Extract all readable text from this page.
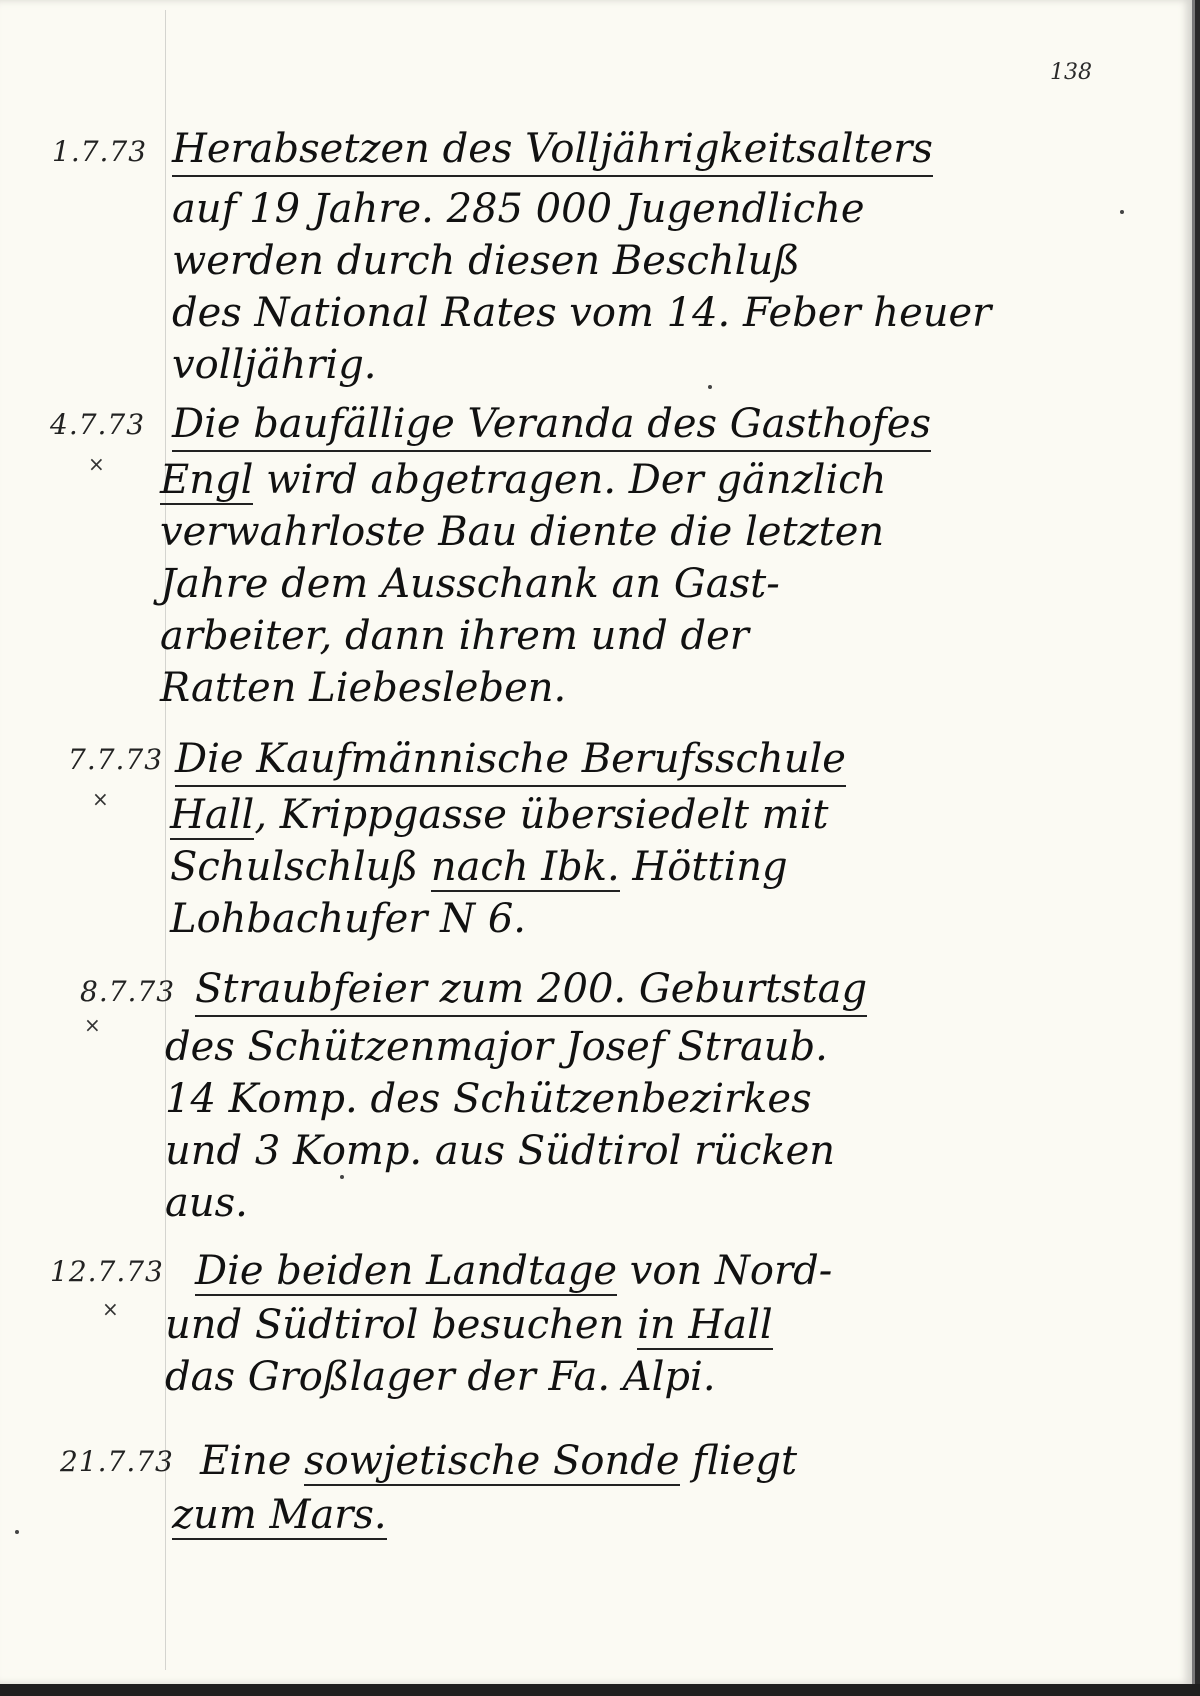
138
1.7.73 Herabsetzen des Volljährigkeitsalters
auf 19 Jahre. 285 000 Jugendliche
werden durch diesen Beschluß
des National Rates vom 14. Feber heuer
volljährig.
4.7.73
×
Die baufällige Veranda des Gasthofes
Engl wird abgetragen. Der gänzlich
verwahrloste Bau diente die letzten
Jahre dem Ausschank an Gast-
arbeiter, dann ihrem und der
Ratten Liebesleben.
7.7.73
×
Die Kaufmännische Berufsschule
Hall, Krippgasse übersiedelt mit
Schulschluß nach Ibk. Hötting
Lohbachufer N 6.
8.7.73
×
Straubfeier zum 200. Geburtstag
des Schützenmajor Josef Straub.
14 Komp. des Schützenbezirkes
und 3 Komp. aus Südtirol rücken
aus.
12.7.73
×
Die beiden Landtage von Nord-
und Südtirol besuchen in Hall
das Großlager der Fa. Alpi.
21.7.73 Eine sowjetische Sonde fliegt
zum Mars.
